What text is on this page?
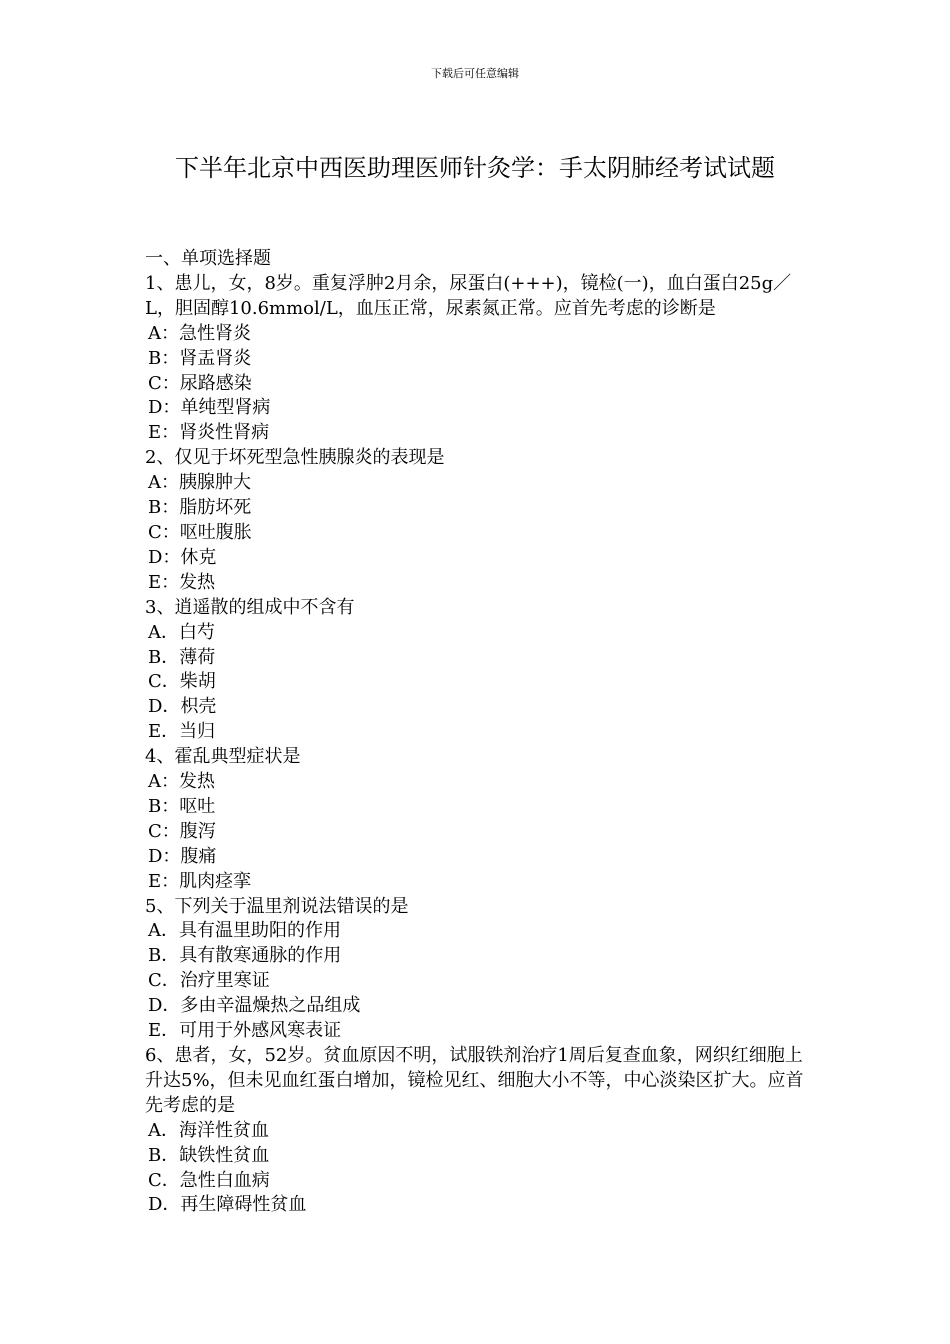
下载后可任意编辑
下半年北京中西医助理医师针灸学：手太阴肺经考试试题

一、单项选择题

1、患儿，女，8岁。重复浮肿2月余，尿蛋白(+++)，镜检(一)，血白蛋白25g／L，胆固醇10.6mmol/L，血压正常，尿素氮正常。应首先考虑的诊断是

A：急性肾炎

B：肾盂肾炎

C：尿路感染

D：单纯型肾病

E：肾炎性肾病

2、仅见于坏死型急性胰腺炎的表现是

A：胰腺肿大

B：脂肪坏死

C：呕吐腹胀

D：休克

E：发热

3、逍遥散的组成中不含有

A．白芍

B．薄荷

C．柴胡

D．枳壳

E．当归

4、霍乱典型症状是

A：发热

B：呕吐

C：腹泻

D：腹痛

E：肌肉痉挛

5、下列关于温里剂说法错误的是

A．具有温里助阳的作用

B．具有散寒通脉的作用

C．治疗里寒证

D．多由辛温燥热之品组成

E．可用于外感风寒表证

6、患者，女，52岁。贫血原因不明，试服铁剂治疗1周后复查血象，网织红细胞上升达5%，但未见血红蛋白增加，镜检见红、细胞大小不等，中心淡染区扩大。应首先考虑的是

A．海洋性贫血

B．缺铁性贫血

C．急性白血病

D．再生障碍性贫血
